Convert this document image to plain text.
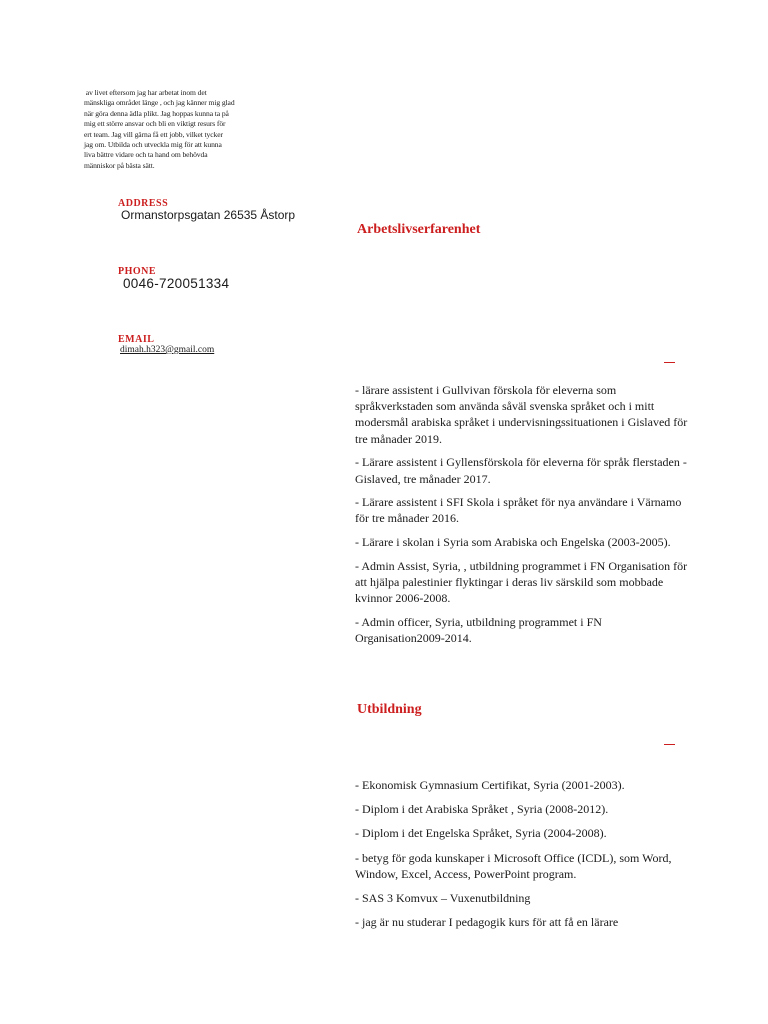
av livet eftersom jag har arbetat inom det
mänskliga området länge , och jag känner mig glad
när göra denna ädla plikt. Jag hoppas kunna ta på
mig ett större ansvar och bli en viktigt resurs för
ert team. Jag vill gärna få ett jobb, vilket tycker
jag om. Utbilda och utveckla mig för att kunna
liva bättre vidare och ta hand om behövda
människor på bästa sätt.
ADDRESS
Ormanstorpsgatan 26535 Åstorp
PHONE
0046-720051334
EMAIL
dimah.h323@gmail.com
Arbetslivserfarenhet
- lärare assistent i Gullvivan förskola för eleverna som språkverkstaden som använda såväl svenska språket och i mitt modersmål arabiska språket i undervisningssituationen i Gislaved för tre månader 2019.
- Lärare assistent i Gyllensförskola för eleverna för språk flerstaden -Gislaved, tre månader 2017.
- Lärare assistent i SFI Skola i språket för nya användare i Värnamo för tre månader 2016.
- Lärare i skolan i Syria som Arabiska och Engelska (2003-2005).
- Admin Assist, Syria, , utbildning programmet i FN Organisation för att hjälpa palestinier flyktingar i deras liv särskild som mobbade kvinnor 2006-2008.
- Admin officer, Syria, utbildning programmet i FN Organisation2009-2014.
Utbildning
- Ekonomisk Gymnasium Certifikat, Syria (2001-2003).
- Diplom i det Arabiska Språket , Syria (2008-2012).
- Diplom i det Engelska Språket, Syria (2004-2008).
- betyg för goda kunskaper i Microsoft Office (ICDL), som Word, Window, Excel, Access, PowerPoint program.
- SAS 3 Komvux – Vuxenutbildning
- jag är nu studerar I pedagogik kurs för att få en lärare
